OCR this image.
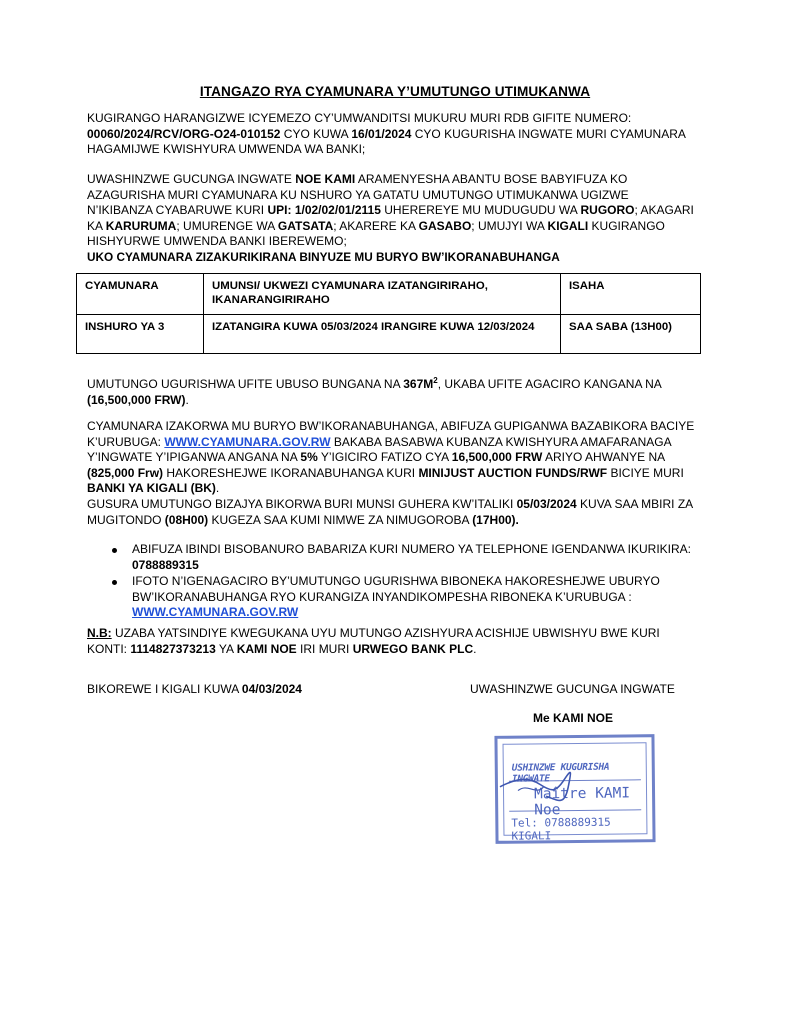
ITANGAZO RYA CYAMUNARA Y’UMUTUNGO UTIMUKANWA
KUGIRANGO HARANGIZWE ICYEMEZO CY’UMWANDITSI MUKURU MURI RDB GIFITE NUMERO: 00060/2024/RCV/ORG-O24-010152 CYO KUWA 16/01/2024 CYO KUGURISHA INGWATE MURI CYAMUNARA HAGAMIJWE KWISHYURA UMWENDA WA BANKI;
UWASHINZWE GUCUNGA INGWATE NOE KAMI ARAMENYESHA ABANTU BOSE BABYIFUZA KO AZAGURISHA MURI CYAMUNARA KU NSHURO YA GATATU UMUTUNGO UTIMUKANWA UGIZWE N’IKIBANZA CYABARUWE KURI UPI: 1/02/02/01/2115 UHEREREYE MU MUDUGUDU WA RUGORO; AKAGARI KA KARURUMA; UMURENGE WA GATSATA; AKARERE KA GASABO; UMUJYI WA KIGALI KUGIRANGO HISHYURWE UMWENDA BANKI IBEREWEMO;
UKO CYAMUNARA ZIZAKURIKIRANA BINYUZE MU BURYO BW’IKORANABUHANGA
CYAMUNARA	UMUNSI/ UKWEZI CYAMUNARA IZATANGIRIRAHO, IKANARANGIRIRAHO	ISAHA
INSHURO YA 3	IZATANGIRA KUWA 05/03/2024 IRANGIRE KUWA 12/03/2024	SAA SABA (13H00)
UMUTUNGO UGURISHWA UFITE UBUSO BUNGANA NA $367M^2$, UKABA UFITE AGACIRO KANGANA NA (16,500,000 FRW).
CYAMUNARA IZAKORWA MU BURYO BW’IKORANABUHANGA, ABIFUZA GUPIGANWA BAZABIKORA BACIYE K’URUBUGA: WWW.CYAMUNARA.GOV.RW BAKABA BASABWA KUBANZA KWISHYURA AMAFARANAGA Y’INGWATE Y’IPIGANWA ANGANA NA 5% Y’IGICIRO FATIZO CYA 16,500,000 FRW ARIYO AHWANYE NA (825,000 Frw) HAKORESHEJWE IKORANABUHANGA KURI MINIJUST AUCTION FUNDS/RWF BICIYE MURI BANKI YA KIGALI (BK).
GUSURA UMUTUNGO BIZAJYA BIKORWA BURI MUNSI GUHERA KW’ITALIKI 05/03/2024 KUVA SAA MBIRI ZA MUGITONDO (08H00) KUGEZA SAA KUMI NIMWE ZA NIMUGOROBA (17H00).
ABIFUZA IBINDI BISOBANURO BABARIZA KURI NUMERO YA TELEPHONE IGENDANWA IKURIKIRA: 0788889315
IFOTO N’IGENAGACIRO BY’UMUTUNGO UGURISHWA BIBONEKA HAKORESHEJWE UBURYO BW’IKORANABUHANGA RYO KURANGIZA INYANDIKOMPESHA RIBONEKA K’URUBUGA : WWW.CYAMUNARA.GOV.RW
N.B: UZABA YATSINDIYE KWEGUKANA UYU MUTUNGO AZISHYURA ACISHIJE UBWISHYU BWE KURI KONTI: 1114827373213 YA KAMI NOE IRI MURI URWEGO BANK PLC.
BIKOREWE I KIGALI KUWA 04/03/2024	UWASHINZWE GUCUNGA INGWATE
Me KAMI NOE
USHINZWE KUGURISHA INGWATE
Maître KAMI Noe
Tel: 0788889315 KIGALI
